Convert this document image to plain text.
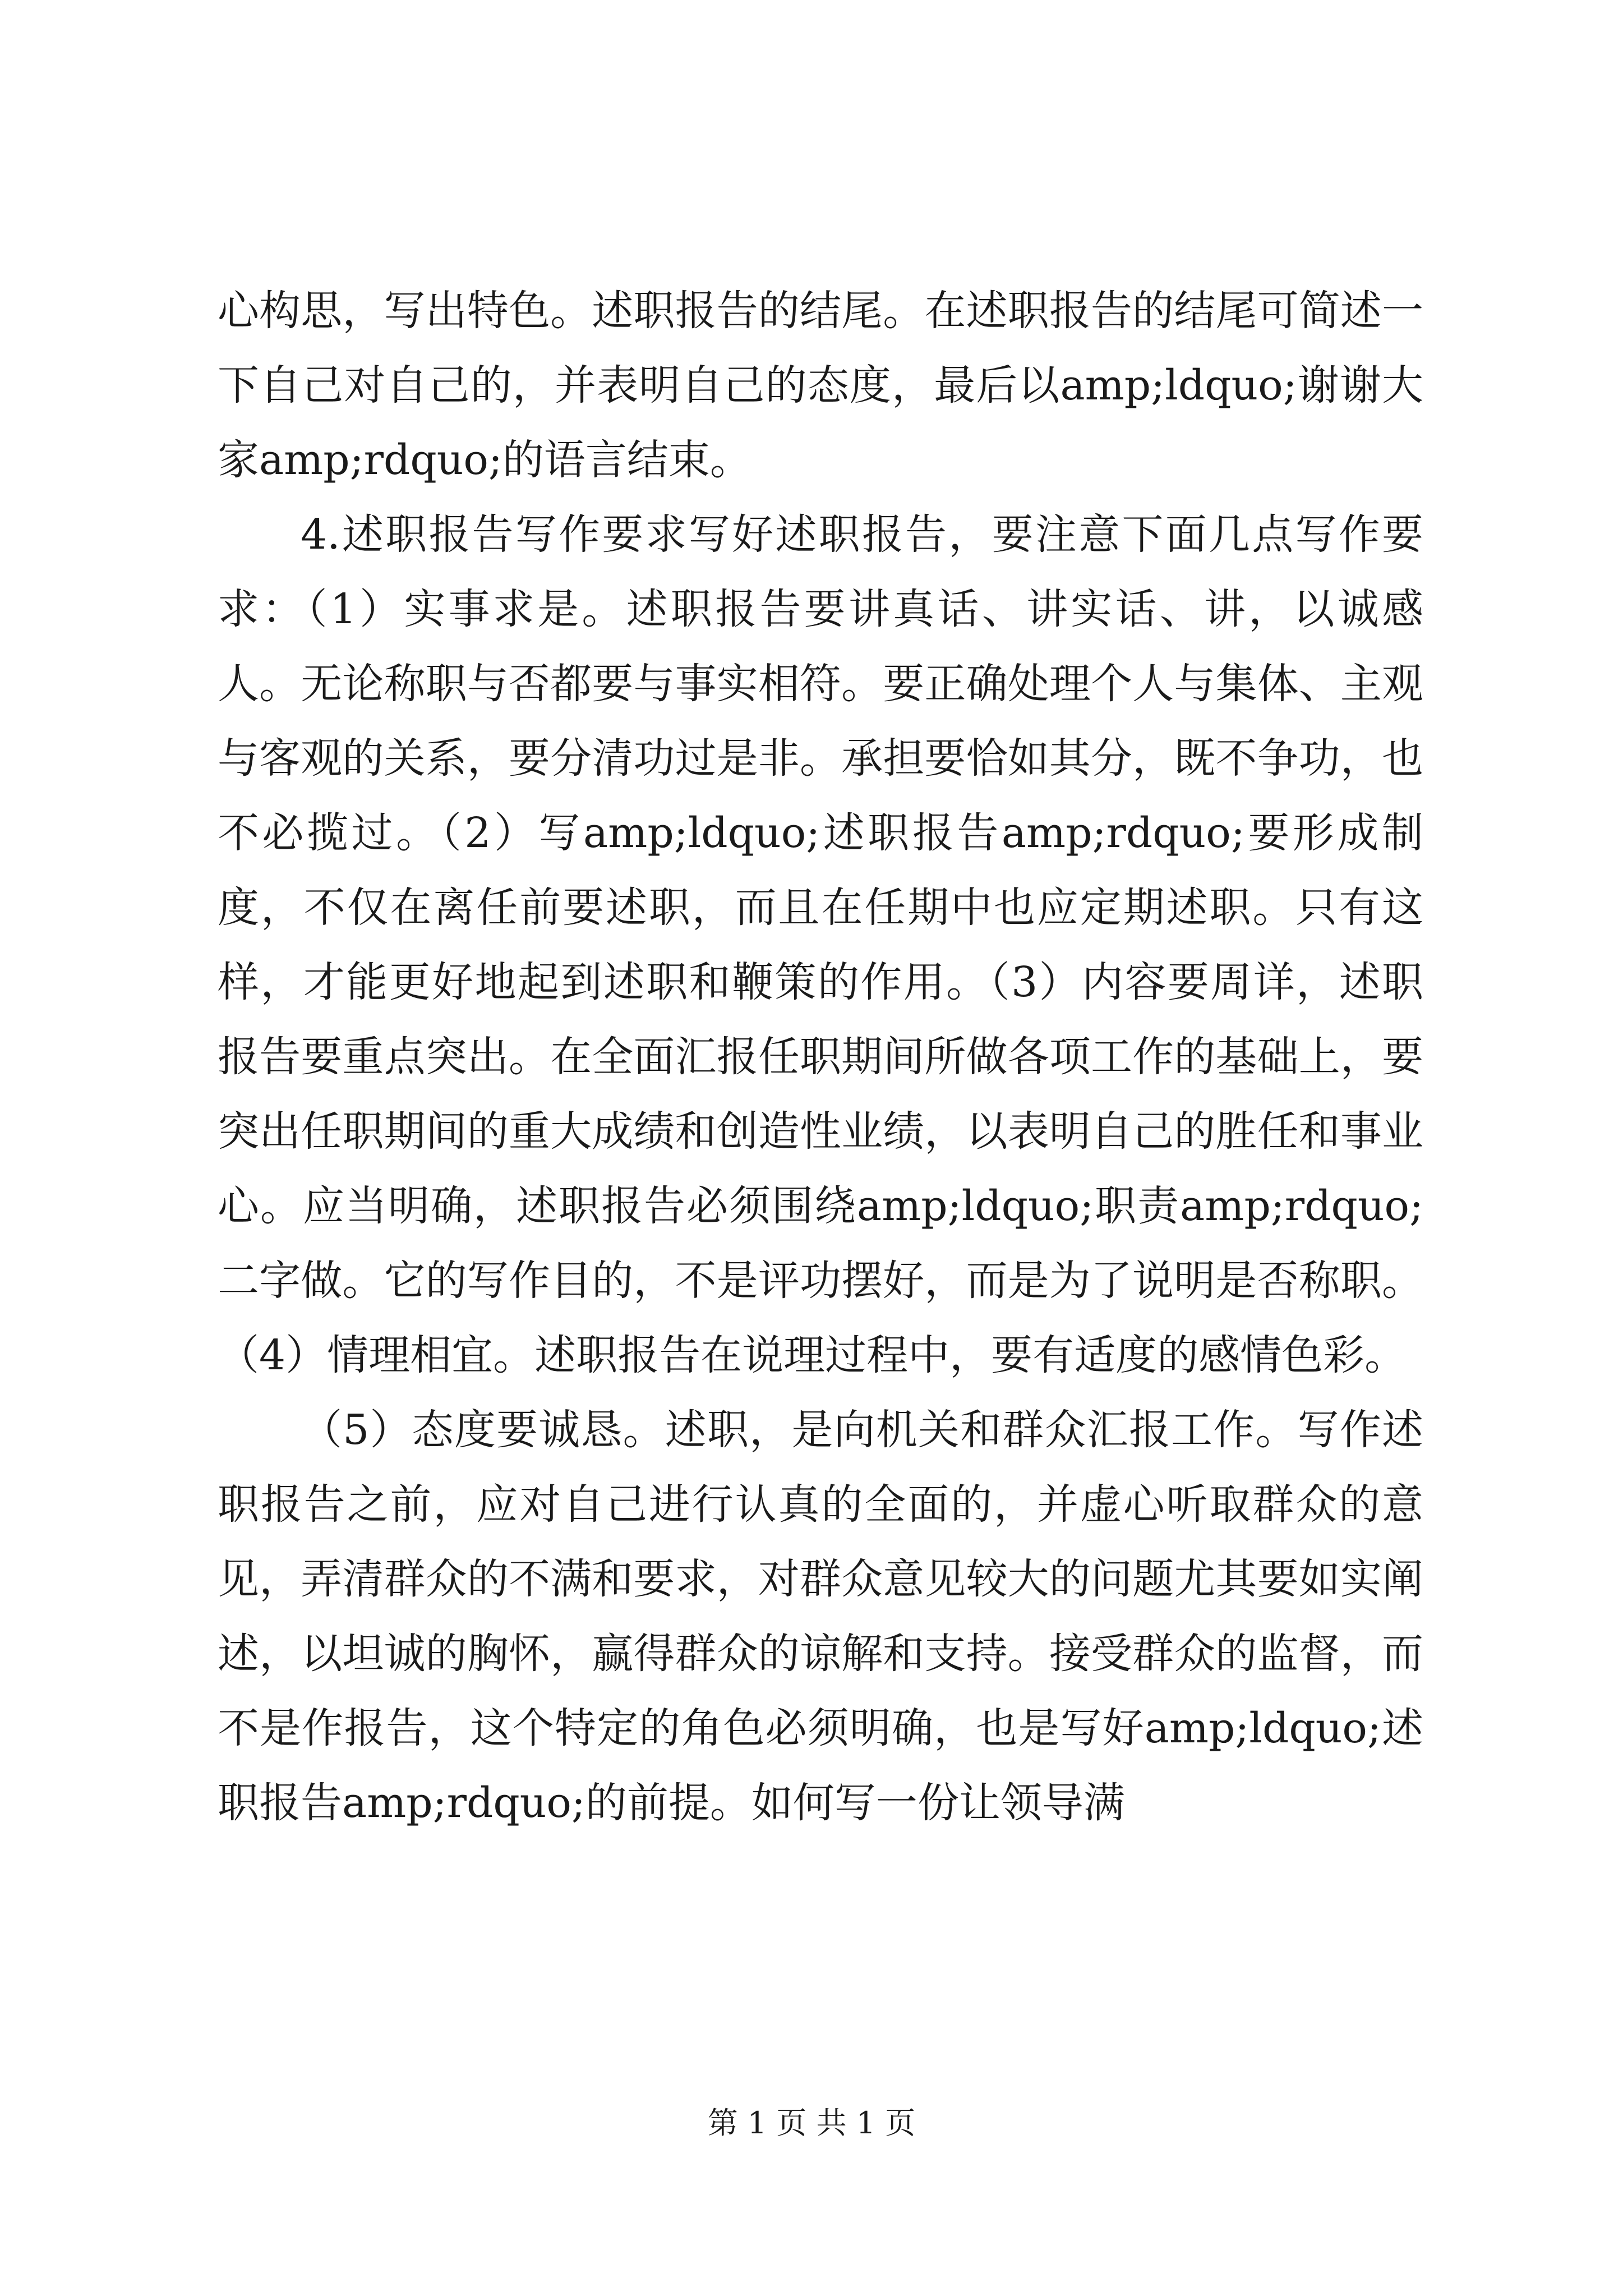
心构思，写出特色。述职报告的结尾。在述职报告的结尾可简述一下自己对自己的，并表明自己的态度，最后以amp;ldquo;谢谢大家amp;rdquo;的语言结束。

4.述职报告写作要求写好述职报告，要注意下面几点写作要求：（1）实事求是。述职报告要讲真话、讲实话、讲，以诚感人。无论称职与否都要与事实相符。要正确处理个人与集体、主观与客观的关系，要分清功过是非。承担要恰如其分，既不争功，也不必揽过。（2）写amp;ldquo;述职报告amp;rdquo;要形成制度，不仅在离任前要述职，而且在任期中也应定期述职。只有这样，才能更好地起到述职和鞭策的作用。（3）内容要周详，述职报告要重点突出。在全面汇报任职期间所做各项工作的基础上，要突出任职期间的重大成绩和创造性业绩，以表明自己的胜任和事业心。应当明确，述职报告必须围绕amp;ldquo;职责amp;rdquo;二字做。它的写作目的，不是评功摆好，而是为了说明是否称职。（4）情理相宜。述职报告在说理过程中，要有适度的感情色彩。

（5）态度要诚恳。述职，是向机关和群众汇报工作。写作述职报告之前，应对自己进行认真的全面的，并虚心听取群众的意见，弄清群众的不满和要求，对群众意见较大的问题尤其要如实阐述，以坦诚的胸怀，赢得群众的谅解和支持。接受群众的监督，而不是作报告，这个特定的角色必须明确，也是写好amp;ldquo;述职报告amp;rdquo;的前提。如何写一份让领导满

第 1 页 共 1 页
